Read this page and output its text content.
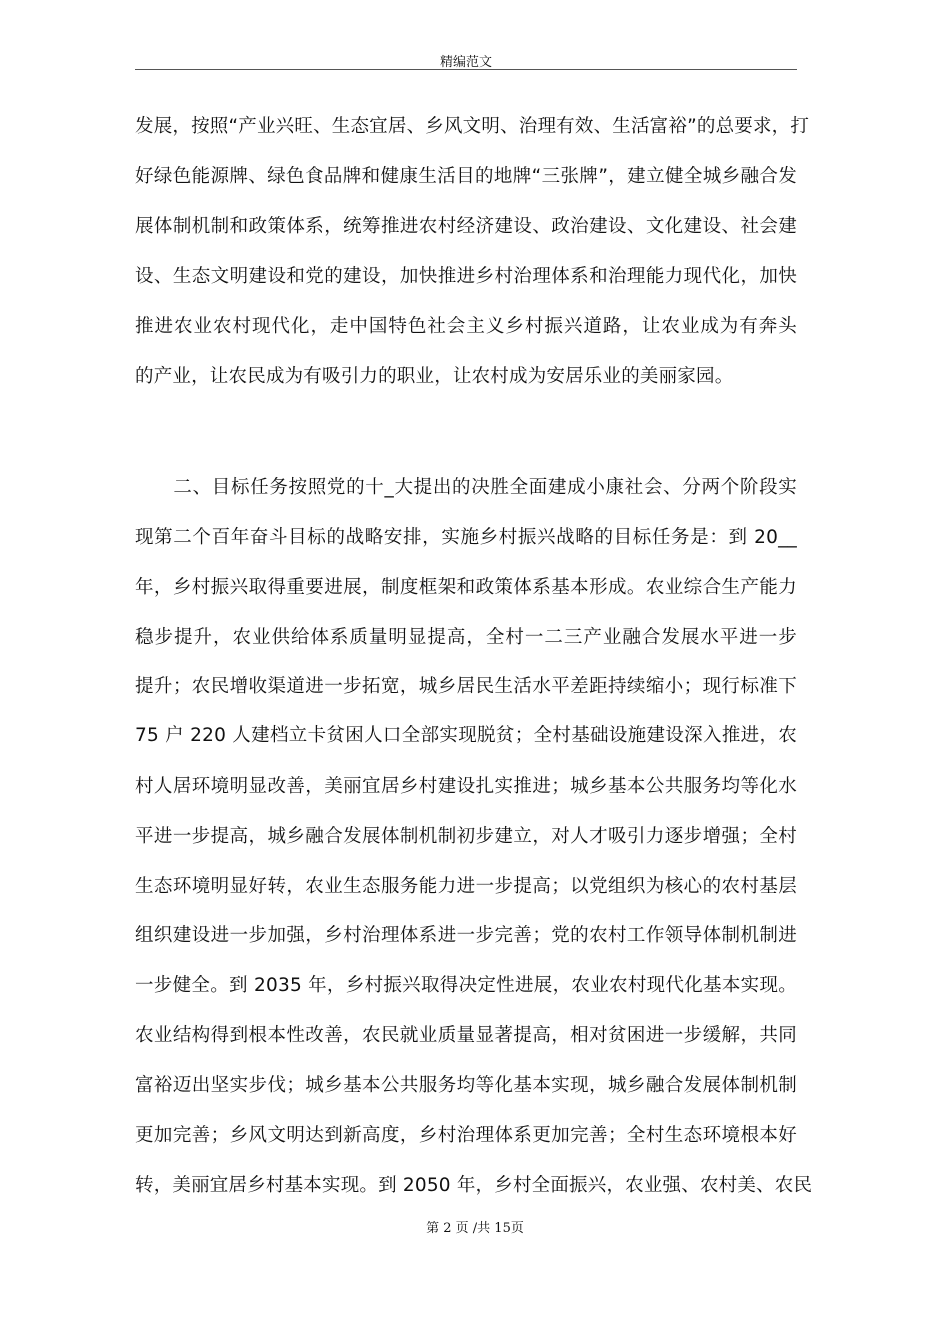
精编范文
发展，按照“产业兴旺、生态宜居、乡风文明、治理有效、生活富裕”的总要求，打
好绿色能源牌、绿色食品牌和健康生活目的地牌“三张牌”，建立健全城乡融合发
展体制机制和政策体系，统筹推进农村经济建设、政治建设、文化建设、社会建
设、生态文明建设和党的建设，加快推进乡村治理体系和治理能力现代化，加快
推进农业农村现代化，走中国特色社会主义乡村振兴道路，让农业成为有奔头
的产业，让农民成为有吸引力的职业，让农村成为安居乐业的美丽家园。
　　二、目标任务按照党的十_大提出的决胜全面建成小康社会、分两个阶段实
现第二个百年奋斗目标的战略安排，实施乡村振兴战略的目标任务是：到 20__
年，乡村振兴取得重要进展，制度框架和政策体系基本形成。农业综合生产能力
稳步提升，农业供给体系质量明显提高，全村一二三产业融合发展水平进一步
提升；农民增收渠道进一步拓宽，城乡居民生活水平差距持续缩小；现行标准下
75 户 220 人建档立卡贫困人口全部实现脱贫；全村基础设施建设深入推进，农
村人居环境明显改善，美丽宜居乡村建设扎实推进；城乡基本公共服务均等化水
平进一步提高，城乡融合发展体制机制初步建立，对人才吸引力逐步增强；全村
生态环境明显好转，农业生态服务能力进一步提高；以党组织为核心的农村基层
组织建设进一步加强，乡村治理体系进一步完善；党的农村工作领导体制机制进
一步健全。到 2035 年，乡村振兴取得决定性进展，农业农村现代化基本实现。
农业结构得到根本性改善，农民就业质量显著提高，相对贫困进一步缓解，共同
富裕迈出坚实步伐；城乡基本公共服务均等化基本实现，城乡融合发展体制机制
更加完善；乡风文明达到新高度，乡村治理体系更加完善；全村生态环境根本好
转，美丽宜居乡村基本实现。到 2050 年，乡村全面振兴，农业强、农村美、农民
第 2 页 /共 15页
